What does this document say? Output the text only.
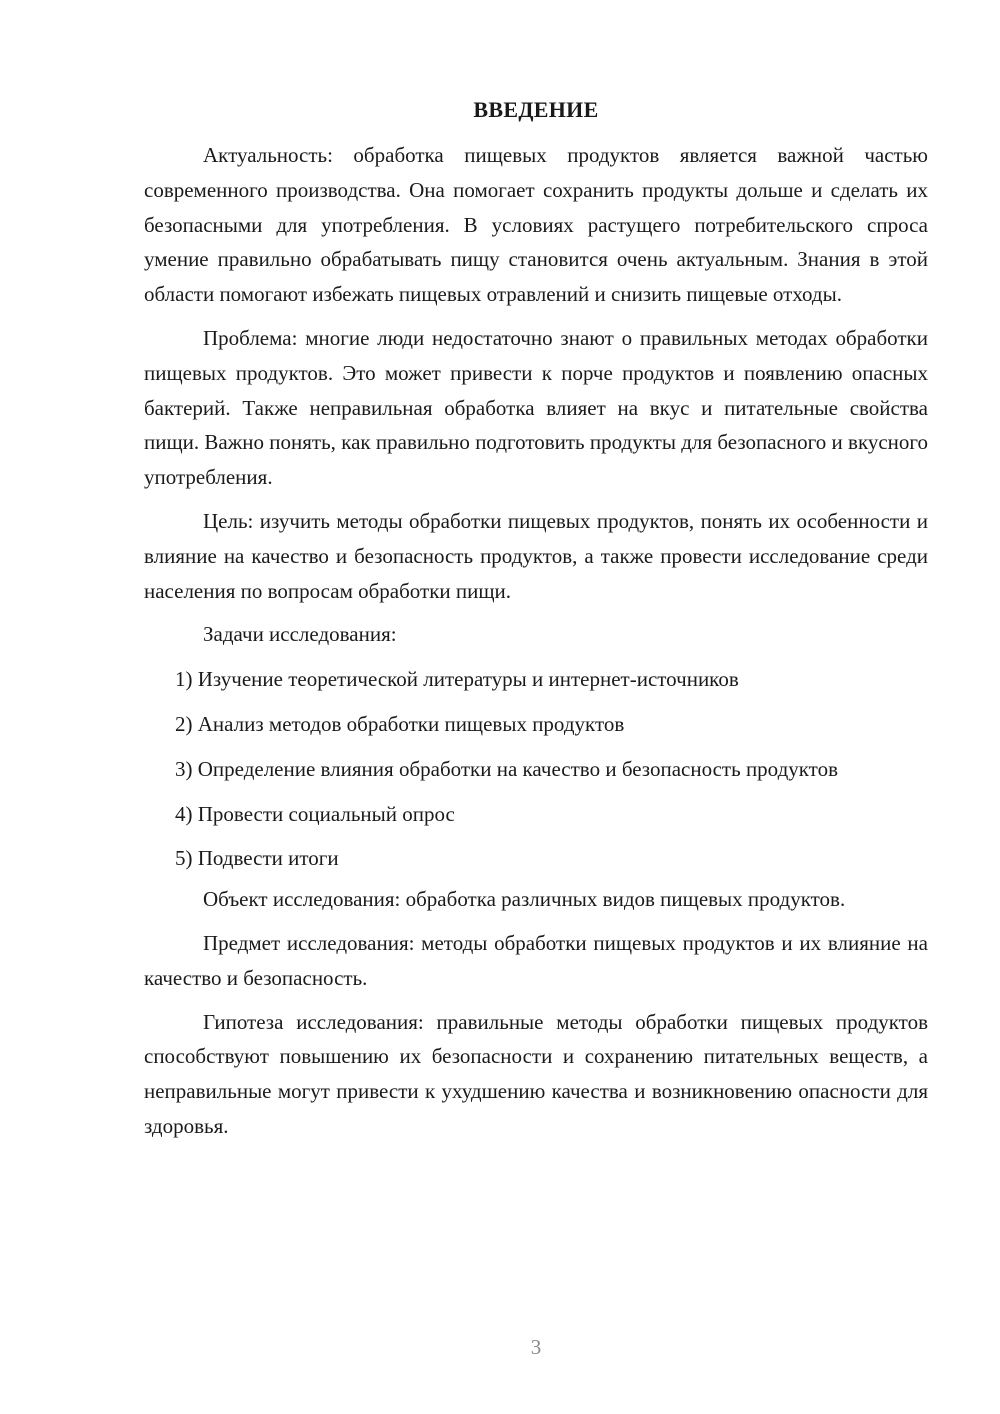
ВВЕДЕНИЕ

Актуальность: обработка пищевых продуктов является важной частью современного производства. Она помогает сохранить продукты дольше и сделать их безопасными для употребления. В условиях растущего потребительского спроса умение правильно обрабатывать пищу становится очень актуальным. Знания в этой области помогают избежать пищевых отравлений и снизить пищевые отходы.

Проблема: многие люди недостаточно знают о правильных методах обработки пищевых продуктов. Это может привести к порче продуктов и появлению опасных бактерий. Также неправильная обработка влияет на вкус и питательные свойства пищи. Важно понять, как правильно подготовить продукты для безопасного и вкусного употребления.

Цель: изучить методы обработки пищевых продуктов, понять их особенности и влияние на качество и безопасность продуктов, а также провести исследование среди населения по вопросам обработки пищи.

Задачи исследования:

1) Изучение теоретической литературы и интернет-источников

2) Анализ методов обработки пищевых продуктов

3) Определение влияния обработки на качество и безопасность продуктов

4) Провести социальный опрос

5) Подвести итоги

Объект исследования: обработка различных видов пищевых продуктов.

Предмет исследования: методы обработки пищевых продуктов и их влияние на качество и безопасность.

Гипотеза исследования: правильные методы обработки пищевых продуктов способствуют повышению их безопасности и сохранению питательных веществ, а неправильные могут привести к ухудшению качества и возникновению опасности для здоровья.

3
